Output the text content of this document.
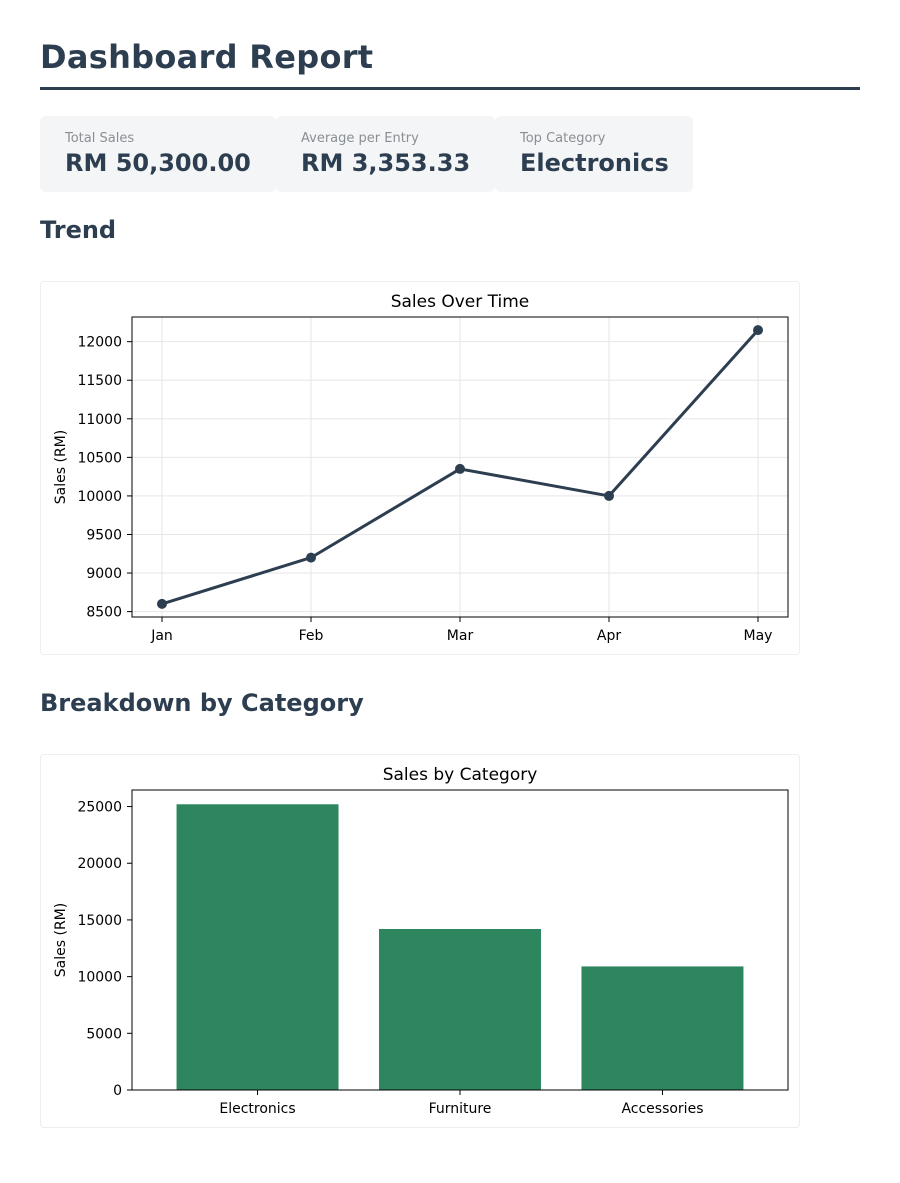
Dashboard Report
Total Sales
RM 50,300.00
Average per Entry
RM 3,353.33
Top Category
Electronics
Trend
Sales Over Time
8500
9000
9500
10000
10500
11000
11500
12000
Jan	Feb	Mar	Apr	May
Sales (RM)
Breakdown by Category
Sales by Category
0
5000
10000
15000
20000
25000
Electronics	Furniture	Accessories
Sales (RM)
